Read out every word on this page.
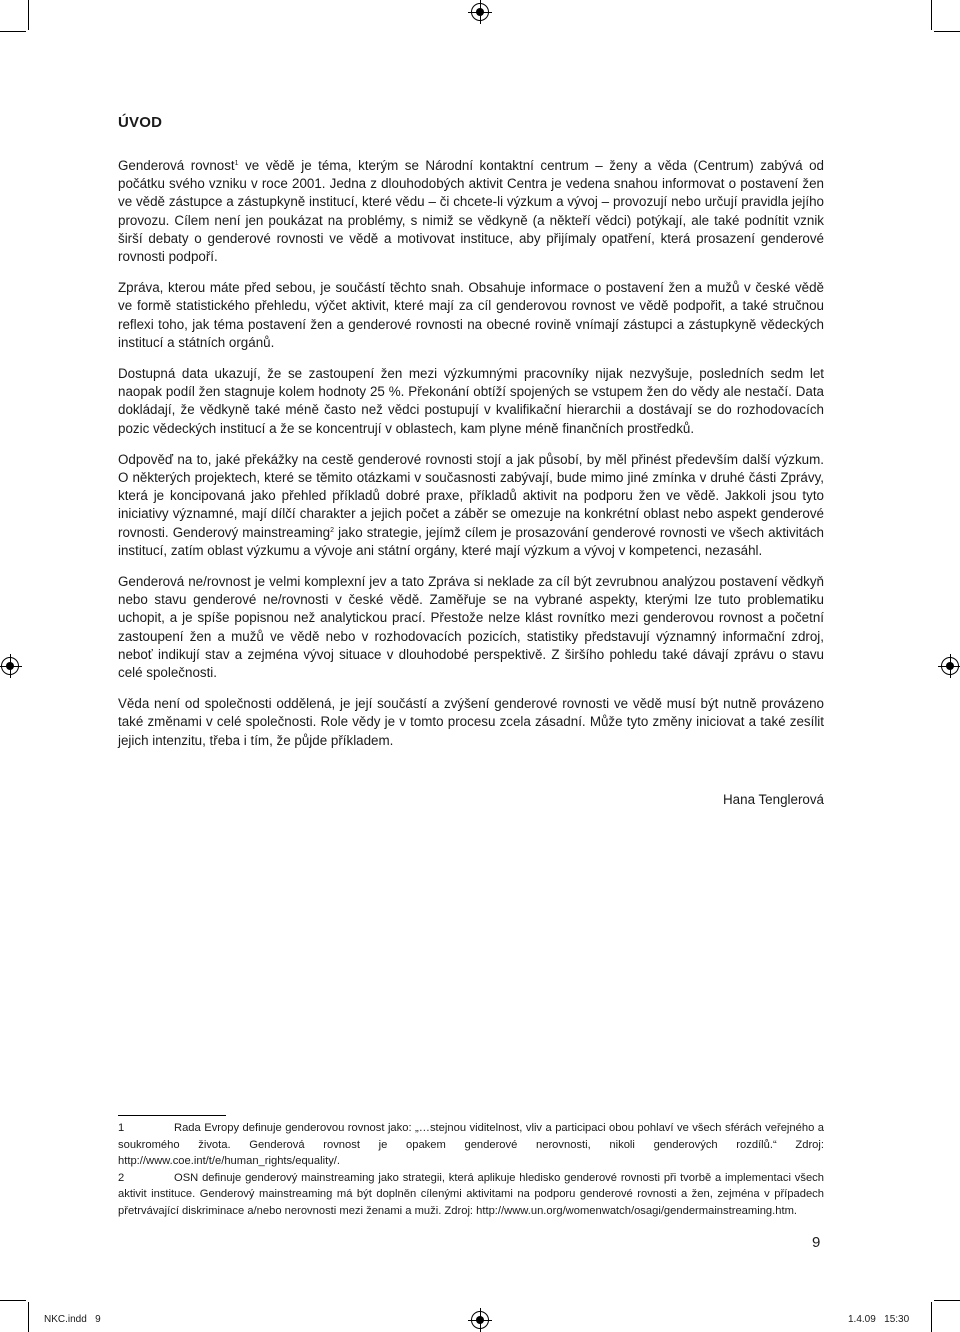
ÚVOD

Genderová rovnost$^1$ ve vědě je téma, kterým se Národní kontaktní centrum – ženy a věda (Centrum) zabývá od počátku svého vzniku v roce 2001. Jedna z dlouhodobých aktivit Centra je vedena snahou informovat o postavení žen ve vědě zástupce a zástupkyně institucí, které vědu – či chcete-li výzkum a vývoj – provozují nebo určují pravidla jejího provozu. Cílem není jen poukázat na problémy, s nimiž se vědkyně (a někteří vědci) potýkají, ale také podnítit vznik širší debaty o genderové rovnosti ve vědě a motivovat instituce, aby přijímaly opatření, která prosazení genderové rovnosti podpoří.

Zpráva, kterou máte před sebou, je součástí těchto snah. Obsahuje informace o postavení žen a mužů v české vědě ve formě statistického přehledu, výčet aktivit, které mají za cíl genderovou rovnost ve vědě podpořit, a také stručnou reflexi toho, jak téma postavení žen a genderové rovnosti na obecné rovině vnímají zástupci a zástupkyně vědeckých institucí a státních orgánů.

Dostupná data ukazují, že se zastoupení žen mezi výzkumnými pracovníky nijak nezvyšuje, posledních sedm let naopak podíl žen stagnuje kolem hodnoty 25 %. Překonání obtíží spojených se vstupem žen do vědy ale nestačí. Data dokládají, že vědkyně také méně často než vědci postupují v kvalifikační hierarchii a dostávají se do rozhodovacích pozic vědeckých institucí a že se koncentrují v oblastech, kam plyne méně finančních prostředků.

Odpověď na to, jaké překážky na cestě genderové rovnosti stojí a jak působí, by měl přinést především další výzkum. O některých projektech, které se těmito otázkami v současnosti zabývají, bude mimo jiné zmínka v druhé části Zprávy, která je koncipovaná jako přehled příkladů dobré praxe, příkladů aktivit na podporu žen ve vědě. Jakkoli jsou tyto iniciativy významné, mají dílčí charakter a jejich počet a záběr se omezuje na konkrétní oblast nebo aspekt genderové rovnosti. Genderový mainstreaming$^2$ jako strategie, jejímž cílem je prosazování genderové rovnosti ve všech aktivitách institucí, zatím oblast výzkumu a vývoje ani státní orgány, které mají výzkum a vývoj v kompetenci, nezasáhl.

Genderová ne/rovnost je velmi komplexní jev a tato Zpráva si neklade za cíl být zevrubnou analýzou postavení vědkyň nebo stavu genderové ne/rovnosti v české vědě. Zaměřuje se na vybrané aspekty, kterými lze tuto problematiku uchopit, a je spíše popisnou než analytickou prací. Přestože nelze klást rovnítko mezi genderovou rovnost a početní zastoupení žen a mužů ve vědě nebo v rozhodovacích pozicích, statistiky představují významný informační zdroj, neboť indikují stav a zejména vývoj situace v dlouhodobé perspektivě. Z širšího pohledu také dávají zprávu o stavu celé společnosti.

Věda není od společnosti oddělená, je její součástí a zvýšení genderové rovnosti ve vědě musí být nutně provázeno také změnami v celé společnosti. Role vědy je v tomto procesu zcela zásadní. Může tyto změny iniciovat a také zesílit jejich intenzitu, třeba i tím, že půjde příkladem.

Hana Tenglerová

1	Rada Evropy definuje genderovou rovnost jako: „…stejnou viditelnost, vliv a participaci obou pohlaví ve všech sférách veřejného a soukromého života. Genderová rovnost je opakem genderové nerovnosti, nikoli genderových rozdílů.“ Zdroj: http://www.coe.int/t/e/human_rights/equality/.

2	OSN definuje genderový mainstreaming jako strategii, která aplikuje hledisko genderové rovnosti při tvorbě a implementaci všech aktivit instituce. Genderový mainstreaming má být doplněn cílenými aktivitami na podporu genderové rovnosti a žen, zejména v případech přetrvávající diskriminace a/nebo nerovnosti mezi ženami a muži. Zdroj: http://www.un.org/womenwatch/osagi/gendermainstreaming.htm.

9
NKC.indd   9	1.4.09   15:30
